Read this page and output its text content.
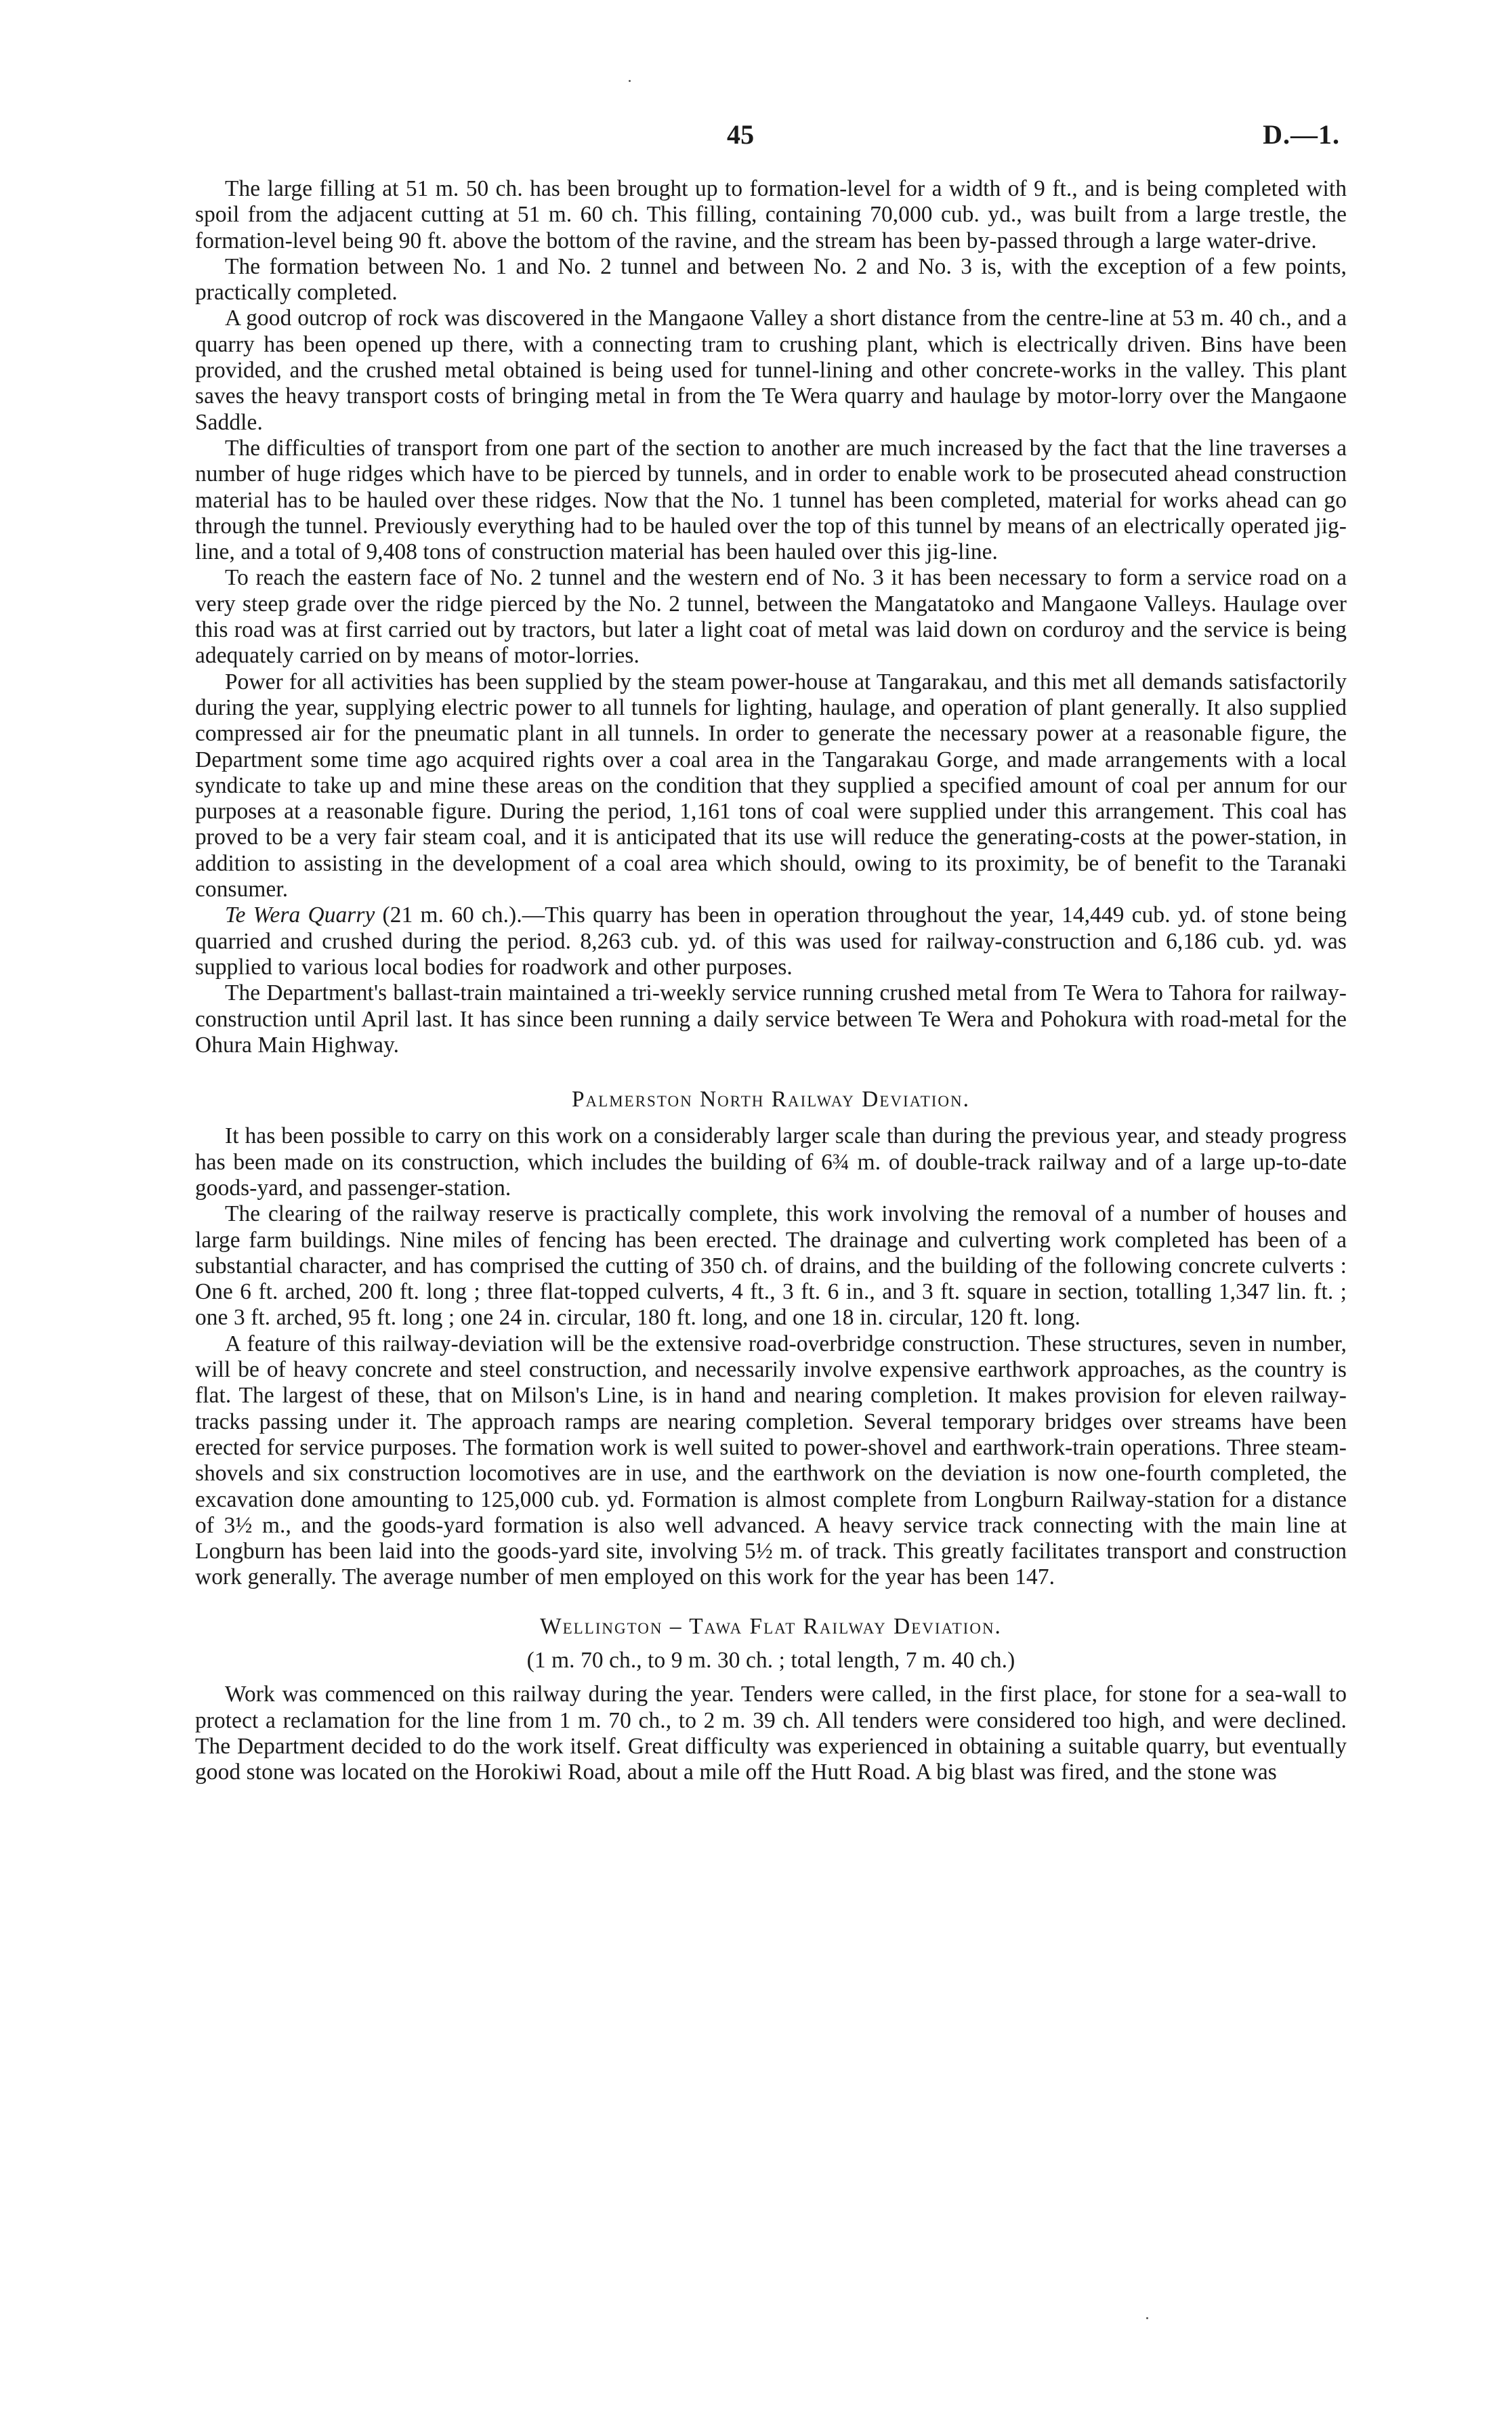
45	D.—1.

The large filling at 51 m. 50 ch. has been brought up to formation-level for a width of 9 ft., and is being completed with spoil from the adjacent cutting at 51 m. 60 ch. This filling, containing 70,000 cub. yd., was built from a large trestle, the formation-level being 90 ft. above the bottom of the ravine, and the stream has been by-passed through a large water-drive.

The formation between No. 1 and No. 2 tunnel and between No. 2 and No. 3 is, with the exception of a few points, practically completed.

A good outcrop of rock was discovered in the Mangaone Valley a short distance from the centre-line at 53 m. 40 ch., and a quarry has been opened up there, with a connecting tram to crushing plant, which is electrically driven. Bins have been provided, and the crushed metal obtained is being used for tunnel-lining and other concrete-works in the valley. This plant saves the heavy transport costs of bringing metal in from the Te Wera quarry and haulage by motor-lorry over the Mangaone Saddle.

The difficulties of transport from one part of the section to another are much increased by the fact that the line traverses a number of huge ridges which have to be pierced by tunnels, and in order to enable work to be prosecuted ahead construction material has to be hauled over these ridges. Now that the No. 1 tunnel has been completed, material for works ahead can go through the tunnel. Previously everything had to be hauled over the top of this tunnel by means of an electrically operated jig-line, and a total of 9,408 tons of construction material has been hauled over this jig-line.

To reach the eastern face of No. 2 tunnel and the western end of No. 3 it has been necessary to form a service road on a very steep grade over the ridge pierced by the No. 2 tunnel, between the Mangatatoko and Mangaone Valleys. Haulage over this road was at first carried out by tractors, but later a light coat of metal was laid down on corduroy and the service is being adequately carried on by means of motor-lorries.

Power for all activities has been supplied by the steam power-house at Tangarakau, and this met all demands satisfactorily during the year, supplying electric power to all tunnels for lighting, haulage, and operation of plant generally. It also supplied compressed air for the pneumatic plant in all tunnels. In order to generate the necessary power at a reasonable figure, the Department some time ago acquired rights over a coal area in the Tangarakau Gorge, and made arrangements with a local syndicate to take up and mine these areas on the condition that they supplied a specified amount of coal per annum for our purposes at a reasonable figure. During the period, 1,161 tons of coal were supplied under this arrangement. This coal has proved to be a very fair steam coal, and it is anticipated that its use will reduce the generating-costs at the power-station, in addition to assisting in the development of a coal area which should, owing to its proximity, be of benefit to the Taranaki consumer.

Te Wera Quarry (21 m. 60 ch.).—This quarry has been in operation throughout the year, 14,449 cub. yd. of stone being quarried and crushed during the period. 8,263 cub. yd. of this was used for railway-construction and 6,186 cub. yd. was supplied to various local bodies for roadwork and other purposes.

The Department's ballast-train maintained a tri-weekly service running crushed metal from Te Wera to Tahora for railway-construction until April last. It has since been running a daily service between Te Wera and Pohokura with road-metal for the Ohura Main Highway.

Palmerston North Railway Deviation.

It has been possible to carry on this work on a considerably larger scale than during the previous year, and steady progress has been made on its construction, which includes the building of 6¾ m. of double-track railway and of a large up-to-date goods-yard, and passenger-station.

The clearing of the railway reserve is practically complete, this work involving the removal of a number of houses and large farm buildings. Nine miles of fencing has been erected. The drainage and culverting work completed has been of a substantial character, and has comprised the cutting of 350 ch. of drains, and the building of the following concrete culverts : One 6 ft. arched, 200 ft. long ; three flat-topped culverts, 4 ft., 3 ft. 6 in., and 3 ft. square in section, totalling 1,347 lin. ft. ; one 3 ft. arched, 95 ft. long ; one 24 in. circular, 180 ft. long, and one 18 in. circular, 120 ft. long.

A feature of this railway-deviation will be the extensive road-overbridge construction. These structures, seven in number, will be of heavy concrete and steel construction, and necessarily involve expensive earthwork approaches, as the country is flat. The largest of these, that on Milson's Line, is in hand and nearing completion. It makes provision for eleven railway-tracks passing under it. The approach ramps are nearing completion. Several temporary bridges over streams have been erected for service purposes. The formation work is well suited to power-shovel and earthwork-train operations. Three steam-shovels and six construction locomotives are in use, and the earthwork on the deviation is now one-fourth completed, the excavation done amounting to 125,000 cub. yd. Formation is almost complete from Longburn Railway-station for a distance of 3½ m., and the goods-yard formation is also well advanced. A heavy service track connecting with the main line at Longburn has been laid into the goods-yard site, involving 5½ m. of track. This greatly facilitates transport and construction work generally. The average number of men employed on this work for the year has been 147.

Wellington – Tawa Flat Railway Deviation.
(1 m. 70 ch., to 9 m. 30 ch. ; total length, 7 m. 40 ch.)

Work was commenced on this railway during the year. Tenders were called, in the first place, for stone for a sea-wall to protect a reclamation for the line from 1 m. 70 ch., to 2 m. 39 ch. All tenders were considered too high, and were declined. The Department decided to do the work itself. Great difficulty was experienced in obtaining a suitable quarry, but eventually good stone was located on the Horokiwi Road, about a mile off the Hutt Road. A big blast was fired, and the stone was
